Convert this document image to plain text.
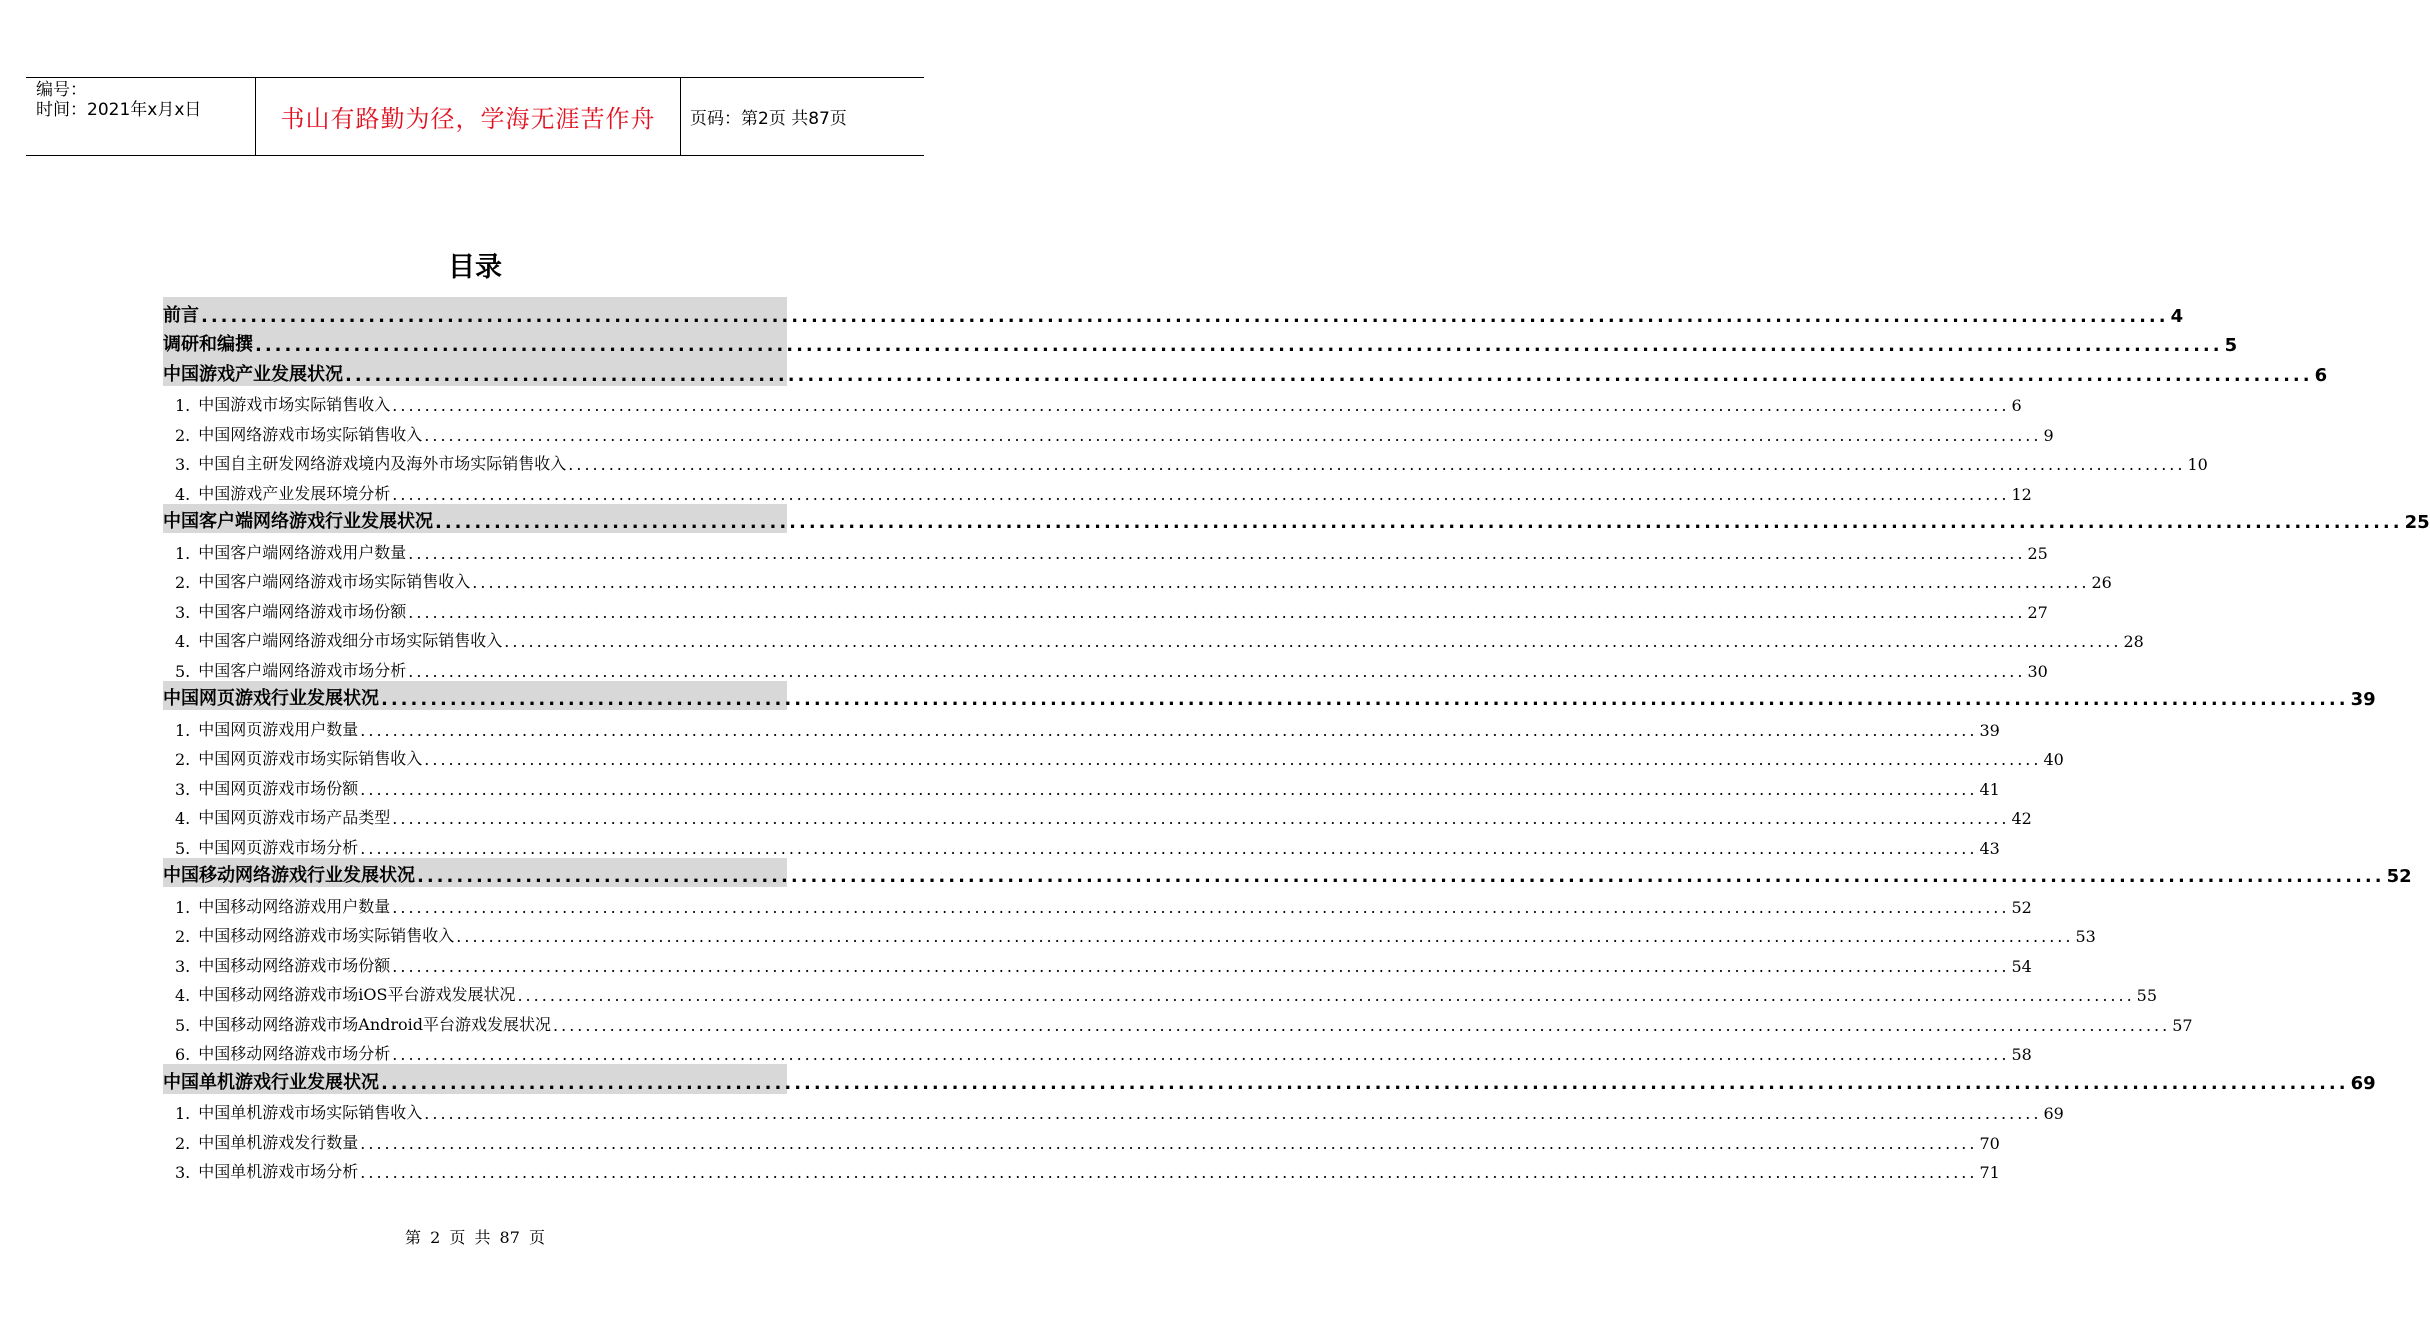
编号：
时间：2021年x月x日	书山有路勤为径，学海无涯苦作舟 页码：第2页 共87页
目录
前言 ........................................................................................................................................................................................................ 4
调研和编撰 ........................................................................................................................................................................................................ 5
中国游戏产业发展状况 ........................................................................................................................................................................................................ 6
1. 中国游戏市场实际销售收入 ........................................................................................................................................................................................................ 6
2. 中国网络游戏市场实际销售收入 ........................................................................................................................................................................................................ 9
3. 中国自主研发网络游戏境内及海外市场实际销售收入 ........................................................................................................................................................................................................ 10
4. 中国游戏产业发展环境分析 ........................................................................................................................................................................................................ 12
中国客户端网络游戏行业发展状况 ........................................................................................................................................................................................................ 25
1. 中国客户端网络游戏用户数量 ........................................................................................................................................................................................................ 25
2. 中国客户端网络游戏市场实际销售收入 ........................................................................................................................................................................................................ 26
3. 中国客户端网络游戏市场份额 ........................................................................................................................................................................................................ 27
4. 中国客户端网络游戏细分市场实际销售收入 ........................................................................................................................................................................................................ 28
5. 中国客户端网络游戏市场分析 ........................................................................................................................................................................................................ 30
中国网页游戏行业发展状况 ........................................................................................................................................................................................................ 39
1. 中国网页游戏用户数量 ........................................................................................................................................................................................................ 39
2. 中国网页游戏市场实际销售收入 ........................................................................................................................................................................................................ 40
3. 中国网页游戏市场份额 ........................................................................................................................................................................................................ 41
4. 中国网页游戏市场产品类型 ........................................................................................................................................................................................................ 42
5. 中国网页游戏市场分析 ........................................................................................................................................................................................................ 43
中国移动网络游戏行业发展状况 ........................................................................................................................................................................................................ 52
1. 中国移动网络游戏用户数量 ........................................................................................................................................................................................................ 52
2. 中国移动网络游戏市场实际销售收入 ........................................................................................................................................................................................................ 53
3. 中国移动网络游戏市场份额 ........................................................................................................................................................................................................ 54
4. 中国移动网络游戏市场iOS平台游戏发展状况 ........................................................................................................................................................................................................ 55
5. 中国移动网络游戏市场Android平台游戏发展状况 ........................................................................................................................................................................................................ 57
6. 中国移动网络游戏市场分析 ........................................................................................................................................................................................................ 58
中国单机游戏行业发展状况 ........................................................................................................................................................................................................ 69
1. 中国单机游戏市场实际销售收入 ........................................................................................................................................................................................................ 69
2. 中国单机游戏发行数量 ........................................................................................................................................................................................................ 70
3. 中国单机游戏市场分析 ........................................................................................................................................................................................................ 71
第 2 页 共 87 页
